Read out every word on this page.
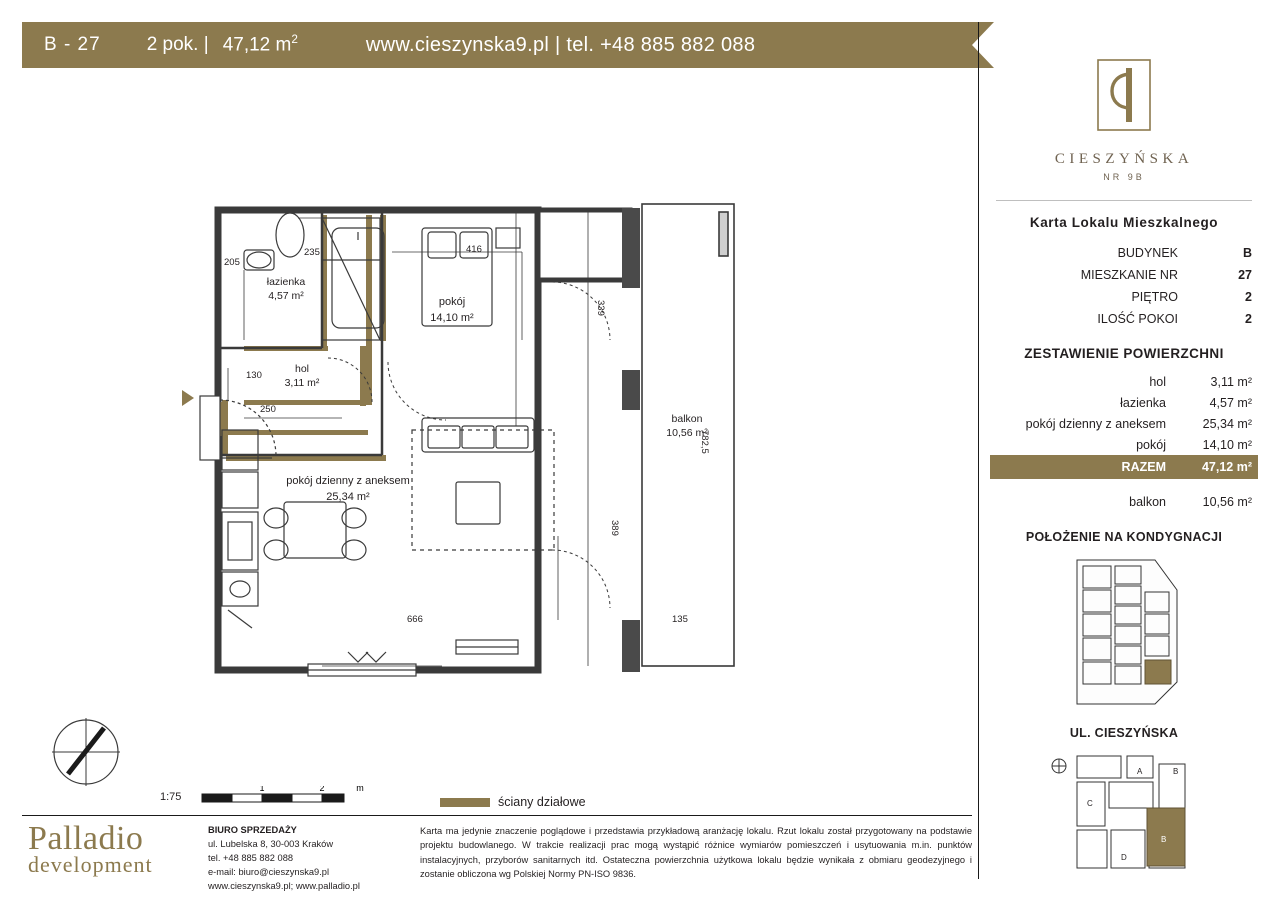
B - 27 2 pok. | 47,12 $m^2$	www.cieszynska9.pl | tel. +48 885 882 088
CIESZYŃSKA
NR 9B
Karta Lokalu Mieszkalnego
BUDYNEK	B
MIESZKANIE NR	27
PIĘTRO	2
ILOŚĆ POKOI	2
ZESTAWIENIE POWIERZCHNI
hol	3,11 m²
łazienka	4,57 m²
pokój dzienny z aneksem	25,34 m²
pokój	14,10 m²
RAZEM	47,12 m²

balkon	10,56 m²
POŁOŻENIE NA KONDYGNACJI
UL. CIESZYŃSKA
A	B
C
B
D
235
205
416
339
130
250
782,5
666
389
135
łazienka
4,57 m²	pokój
14,10 m²
hol
3,11 m²
pokój dzienny z aneksem
25,34 m²
balkon
10,56 m²
1:75
1	2	m
ściany działowe
Palladio
development
BIURO SPRZEDAŻY
ul. Lubelska 8, 30-003 Kraków
tel. +48 885 882 088
e-mail: biuro@cieszynska9.pl
www.cieszynska9.pl; www.palladio.pl
Karta ma jedynie znaczenie poglądowe i przedstawia przykładową aranżację lokalu. Rzut lokalu został przygotowany na podstawie projektu budowlanego. W trakcie realizacji prac mogą wystąpić różnice wymiarów pomieszczeń i usytuowania m.in. punktów instalacyjnych, przyborów sanitarnych itd. Ostateczna powierzchnia użytkowa lokalu będzie wynikała z obmiaru geodezyjnego i zostanie obliczona wg Polskiej Normy PN-ISO 9836.
